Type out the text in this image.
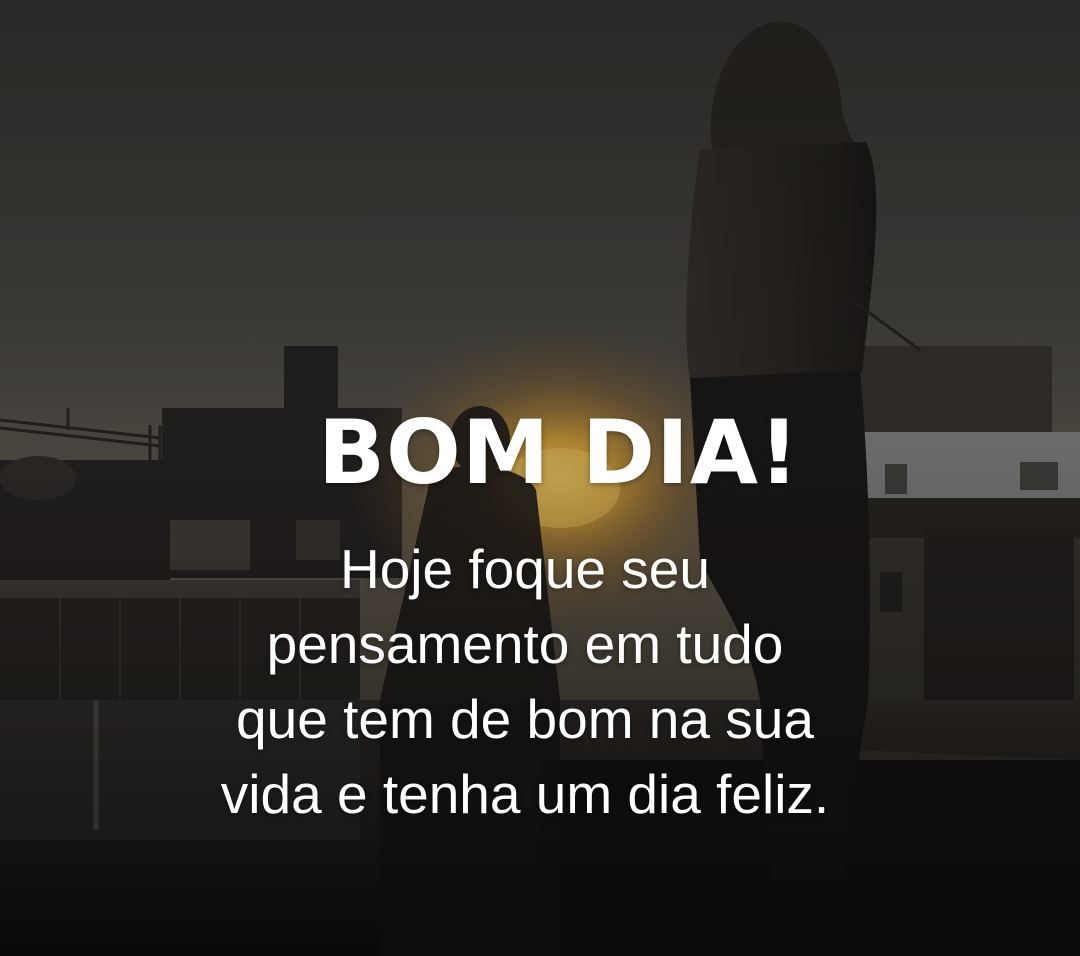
BOM DIA!
Hoje foque seu
pensamento em tudo
que tem de bom na sua
vida e tenha um dia feliz.
